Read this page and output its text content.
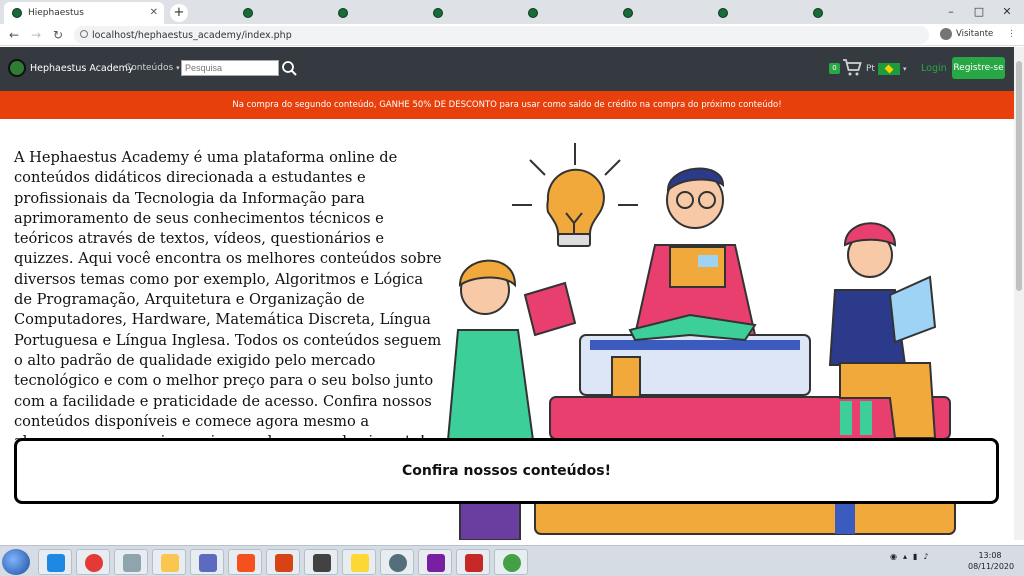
Hiephaestus	✕ +	–	□	✕
← → ↻	localhost/hephaestus_academy/index.php	Visitante ⋮
Hephaestus Academy
Conteúdos ▾
Pesquisa	0	Pt	▾ Login Registre-se
Na compra do segundo conteúdo, GANHE 50% DE DESCONTO para usar como saldo de crédito na compra do próximo conteúdo!

A Hephaestus Academy é uma plataforma online de conteúdos didáticos direcionada a estudantes e profissionais da Tecnologia da Informação para aprimoramento de seus conhecimentos técnicos e teóricos através de textos, vídeos, questionários e quizzes. Aqui você encontra os melhores conteúdos sobre diversos temas como por exemplo, Algoritmos e Lógica de Programação, Arquitetura e Organização de Computadores, Hardware, Matemática Discreta, Língua Portuguesa e Língua Inglesa. Todos os conteúdos seguem o alto padrão de qualidade exigido pelo mercado tecnológico e com o melhor preço para o seu bolso junto com a facilidade e praticidade de acesso. Confira nossos conteúdos disponíveis e comece agora mesmo a

Confira nossos conteúdos!
◉ ▴ ▮ ♪	13:08
08/11/2020
